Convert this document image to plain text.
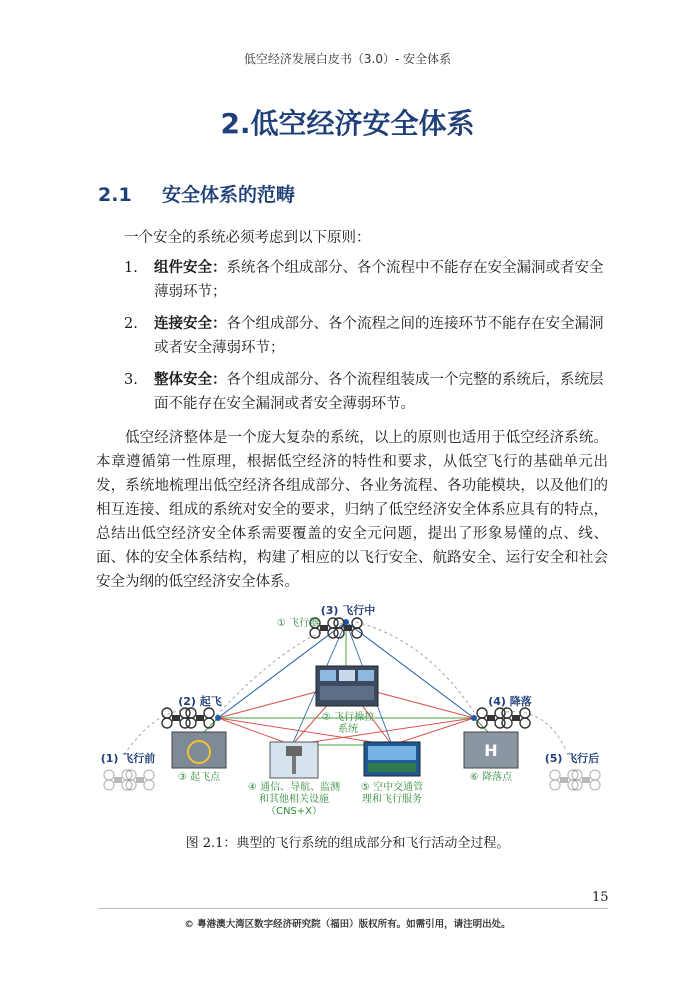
低空经济发展白皮书（3.0）- 安全体系
2.低空经济安全体系
2.1 安全体系的范畴
一个安全的系统必须考虑到以下原则：
1. 组件安全：系统各个组成部分、各个流程中不能存在安全漏洞或者安全薄弱环节；
2. 连接安全：各个组成部分、各个流程之间的连接环节不能存在安全漏洞或者安全薄弱环节；
3. 整体安全：各个组成部分、各个流程组装成一个完整的系统后，系统层面不能存在安全漏洞或者安全薄弱环节。
低空经济整体是一个庞大复杂的系统，以上的原则也适用于低空经济系统。本章遵循第一性原理，根据低空经济的特性和要求，从低空飞行的基础单元出发，系统地梳理出低空经济各组成部分、各业务流程、各功能模块，以及他们的相互连接、组成的系统对安全的要求，归纳了低空经济安全体系应具有的特点，总结出低空经济安全体系需要覆盖的安全元问题，提出了形象易懂的点、线、面、体的安全体系结构，构建了相应的以飞行安全、航路安全、运行安全和社会安全为纲的低空经济安全体系。
(3) 飞行中
(2) 起飞	(4) 降落
(1) 飞行前	(5) 飞行后
① 飞行器
② 飞行操控
系统
③ 起飞点
④ 通信、导航、监测
和其他相关设施
（CNS+X）
⑤ 空中交通管
理和飞行服务
H
⑥ 降落点
图 2.1：典型的飞行系统的组成部分和飞行活动全过程。
15
© 粤港澳大湾区数字经济研究院（福田）版权所有。如需引用，请注明出处。
